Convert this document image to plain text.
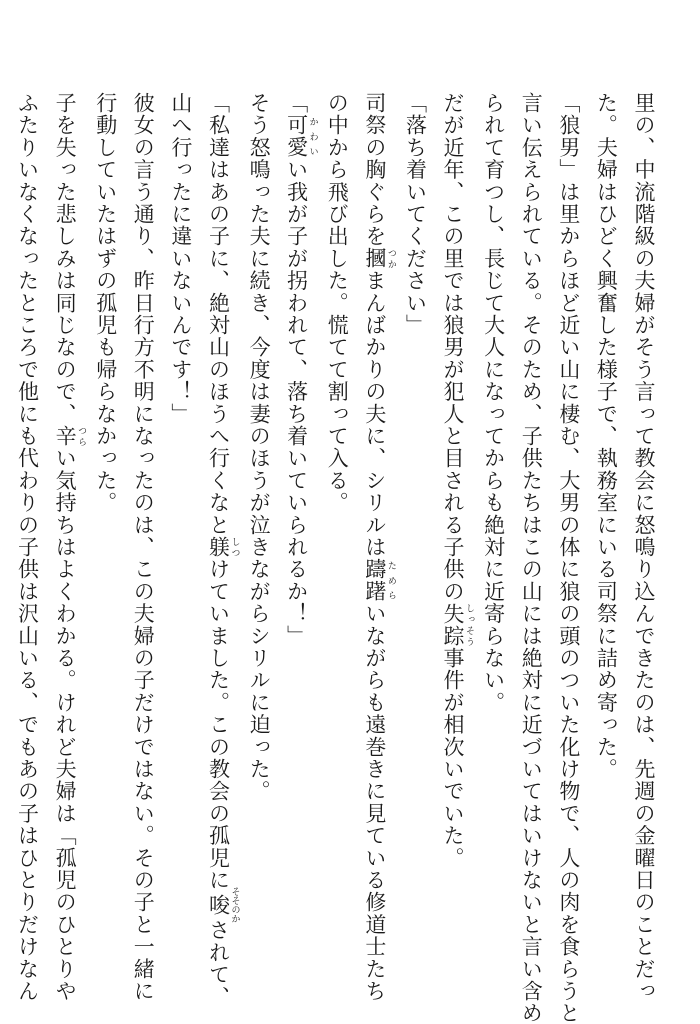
里の、中流階級の夫婦がそう言って教会に怒鳴り込んできたのは、先週の金曜日のことだっ

た。夫婦はひどく興奮した様子で、執務室にいる司祭に詰め寄った。

「狼男」は里からほど近い山に棲む、大男の体に狼の頭のついた化け物で、人の肉を食らうと

言い伝えられている。そのため、子供たちはこの山には絶対に近づいてはいけないと言い含め

られて育つし、長じて大人になってからも絶対に近寄らない。

だが近年、この里では狼男が犯人と目される子供の失踪 しっそう事件が相次いでいた。

「落ち着いてください」

司祭の胸ぐらを摑 つかまんばかりの夫に、シリルは躊躇 ためらいながらも遠巻きに見ている修道士たち

の中から飛び出した。慌てて割って入る。

「可愛 かわいい我が子が拐われて、落ち着いていられるか！」

そう怒鳴った夫に続き、今度は妻のほうが泣きながらシリルに迫った。

「私達はあの子に、絶対山のほうへ行くなと躾 しつけていました。この教会の孤児に唆 そそのかされて、

山へ行ったに違いないんです！」

彼女の言う通り、昨日行方不明になったのは、この夫婦の子だけではない。その子と一緒に

行動していたはずの孤児も帰らなかった。

子を失った悲しみは同じなので、辛 つらい気持ちはよくわかる。けれど夫婦は「孤児のひとりや

ふたりいなくなったところで他にも代わりの子供は沢山いる、でもあの子はひとりだけなん
